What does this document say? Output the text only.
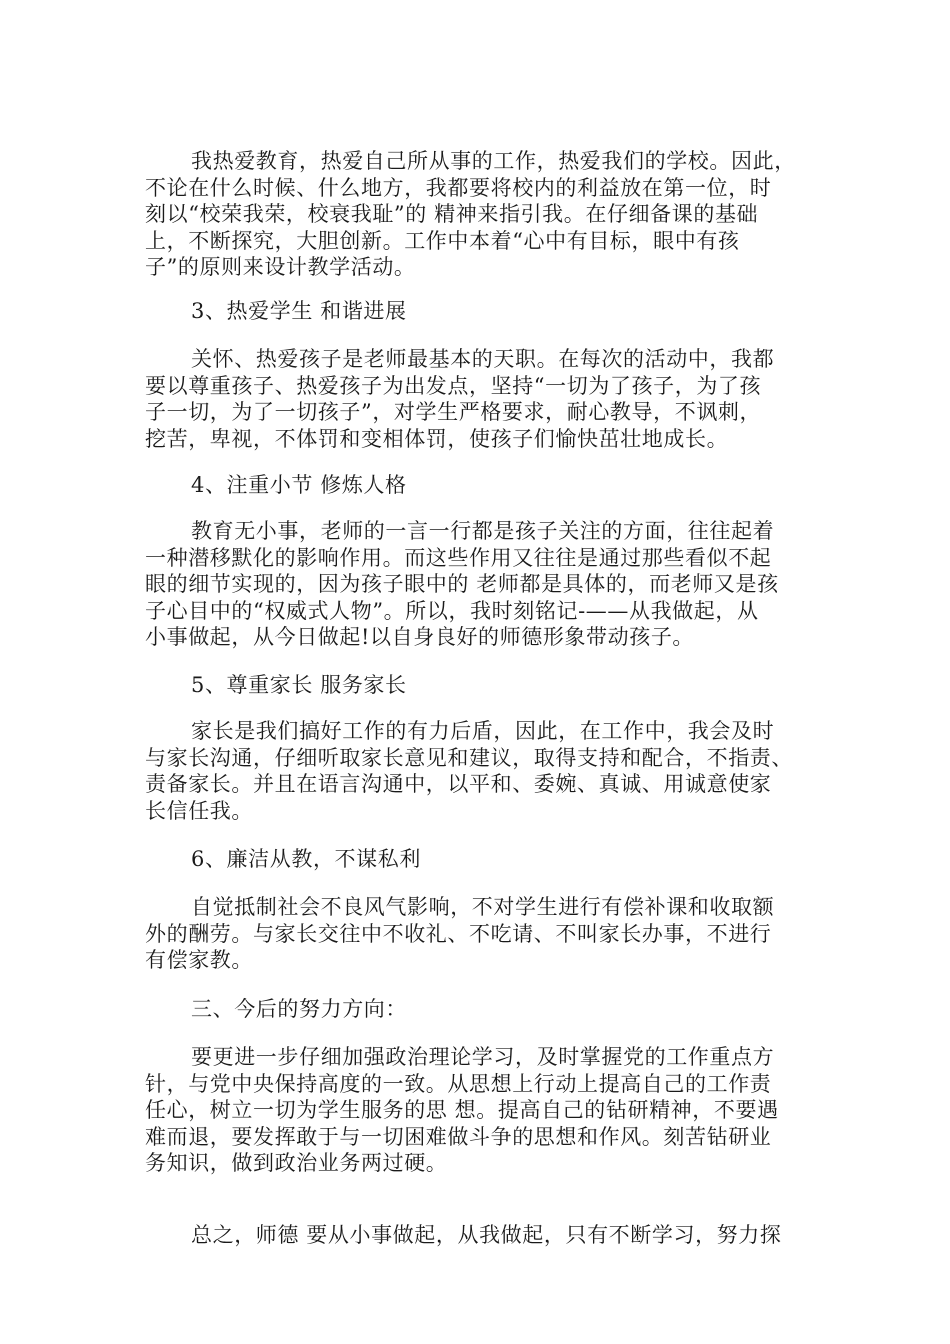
我热爱教育，热爱自己所从事的工作，热爱我们的学校。因此，
不论在什么时候、什么地方，我都要将校内的利益放在第一位，时
刻以“校荣我荣，校衰我耻”的 精神来指引我。在仔细备课的基础
上，不断探究，大胆创新。工作中本着“心中有目标，眼中有孩
子”的原则来设计教学活动。
3、热爱学生 和谐进展
关怀、热爱孩子是老师最基本的天职。在每次的活动中，我都
要以尊重孩子、热爱孩子为出发点，坚持“一切为了孩子，为了孩
子一切，为了一切孩子”，对学生严格要求，耐心教导，不讽刺，
挖苦，卑视，不体罚和变相体罚，使孩子们愉快茁壮地成长。
4、注重小节 修炼人格
教育无小事，老师的一言一行都是孩子关注的方面，往往起着
一种潜移默化的影响作用。而这些作用又往往是通过那些看似不起
眼的细节实现的，因为孩子眼中的 老师都是具体的，而老师又是孩
子心目中的“权威式人物”。所以，我时刻铭记-——从我做起，从
小事做起，从今日做起!以自身良好的师德形象带动孩子。
5、尊重家长 服务家长
家长是我们搞好工作的有力后盾，因此，在工作中，我会及时
与家长沟通，仔细听取家长意见和建议，取得支持和配合，不指责、
责备家长。并且在语言沟通中，以平和、委婉、真诚、用诚意使家
长信任我。
6、廉洁从教，不谋私利
自觉抵制社会不良风气影响，不对学生进行有偿补课和收取额
外的酬劳。与家长交往中不收礼、不吃请、不叫家长办事，不进行
有偿家教。
三、今后的努力方向：
要更进一步仔细加强政治理论学习，及时掌握党的工作重点方
针，与党中央保持高度的一致。从思想上行动上提高自己的工作责
任心，树立一切为学生服务的思 想。提高自己的钻研精神，不要遇
难而退，要发挥敢于与一切困难做斗争的思想和作风。刻苦钻研业
务知识，做到政治业务两过硬。
总之，师德 要从小事做起，从我做起，只有不断学习，努力探
